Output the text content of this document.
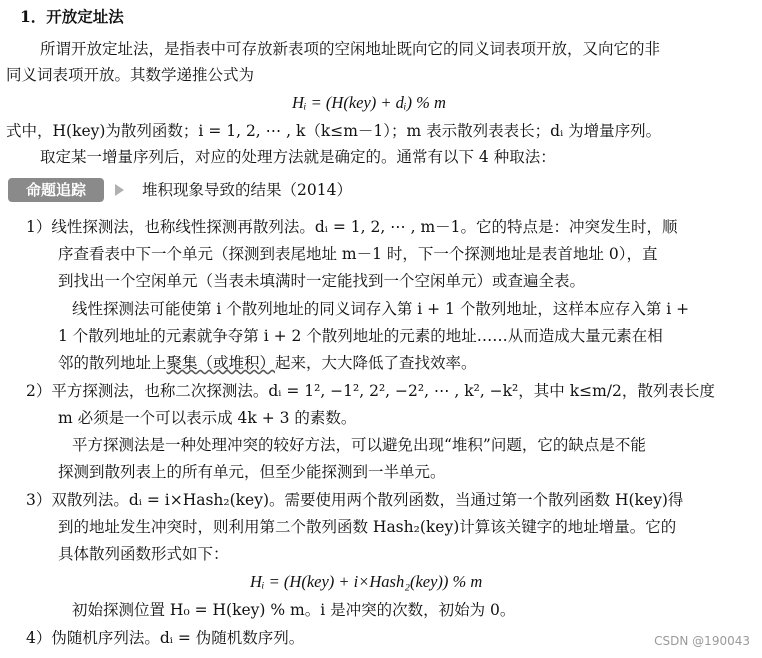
1．开放定址法
所谓开放定址法，是指表中可存放新表项的空闲地址既向它的同义词表项开放，又向它的非
同义词表项开放。其数学递推公式为
Hᵢ = (H(key) + dᵢ) % m
式中，H(key)为散列函数；i = 1, 2, ⋯ , k（k≤m－1）；m 表示散列表表长；dᵢ 为增量序列。
取定某一增量序列后，对应的处理方法就是确定的。通常有以下 4 种取法：
命题追踪	堆积现象导致的结果（2014）
1）线性探测法，也称线性探测再散列法。dᵢ = 1, 2, ⋯ , m－1。它的特点是：冲突发生时，顺
序查看表中下一个单元（探测到表尾地址 m－1 时，下一个探测地址是表首地址 0），直
到找出一个空闲单元（当表未填满时一定能找到一个空闲单元）或查遍全表。
线性探测法可能使第 i 个散列地址的同义词存入第 i + 1 个散列地址，这样本应存入第 i +
1 个散列地址的元素就争夺第 i + 2 个散列地址的元素的地址……从而造成大量元素在相
邻的散列地址上聚集（或堆积）起来，大大降低了查找效率。
2）平方探测法，也称二次探测法。dᵢ = 1², −1², 2², −2², ⋯ , k², −k²，其中 k≤m/2，散列表长度
m 必须是一个可以表示成 4k + 3 的素数。
平方探测法是一种处理冲突的较好方法，可以避免出现“堆积”问题，它的缺点是不能
探测到散列表上的所有单元，但至少能探测到一半单元。
3）双散列法。dᵢ = i×Hash₂(key)。需要使用两个散列函数，当通过第一个散列函数 H(key)得
到的地址发生冲突时，则利用第二个散列函数 Hash₂(key)计算该关键字的地址增量。它的
具体散列函数形式如下：
Hᵢ = (H(key) + i×Hash₂(key)) % m
初始探测位置 H₀ = H(key) % m。i 是冲突的次数，初始为 0。
4）伪随机序列法。dᵢ = 伪随机数序列。	CSDN @190043
